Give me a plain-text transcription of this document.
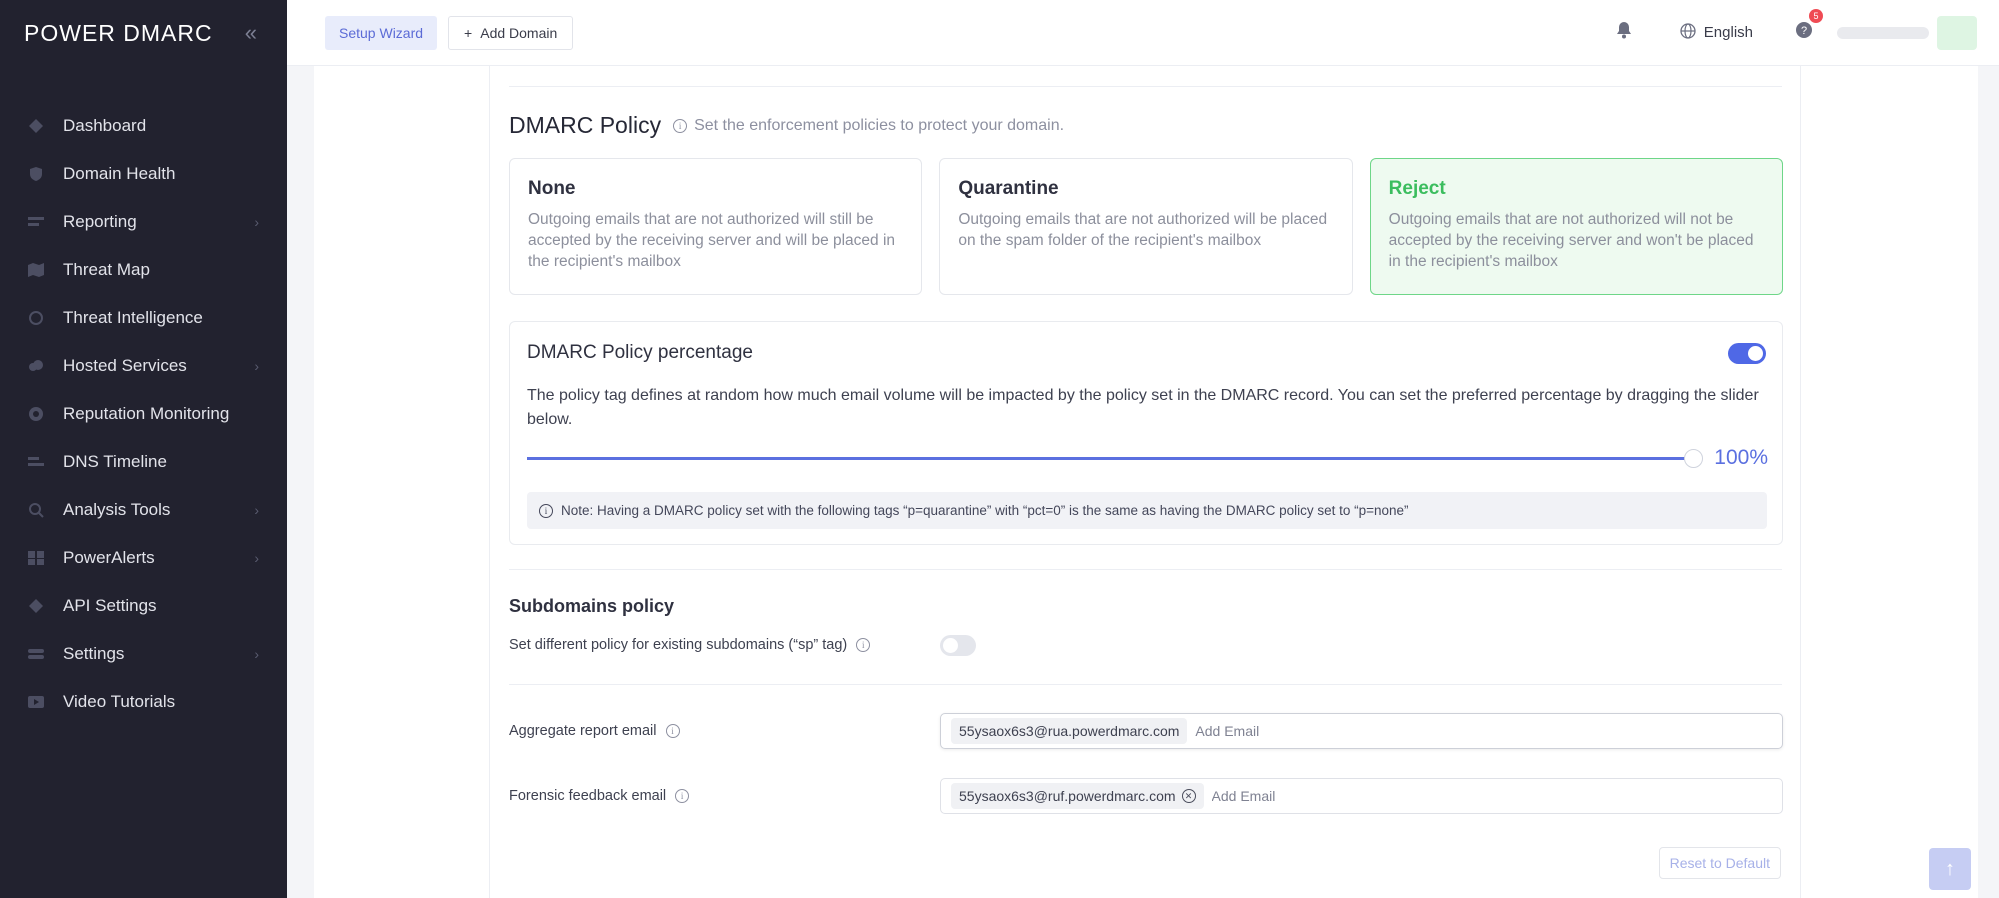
POWER DMARC «
Dashboard
Domain Health
Reporting	›
Threat Map
Threat Intelligence
Hosted Services	›
Reputation Monitoring
DNS Timeline
Analysis Tools	›
PowerAlerts	›
API Settings
Settings	›
Video Tutorials
Setup Wizard	+ Add Domain	English	?
5
DMARC Policy	i Set the enforcement policies to protect your domain.
None

Outgoing emails that are not authorized will still be accepted by the receiving server and will be placed in the recipient's mailbox

Quarantine

Outgoing emails that are not authorized will be placed on the spam folder of the recipient's mailbox

Reject

Outgoing emails that are not authorized will not be accepted by the receiving server and won't be placed in the recipient's mailbox

DMARC Policy percentage
The policy tag defines at random how much email volume will be impacted by the policy set in the DMARC record. You can set the preferred percentage by dragging the slider below.
100%
i	Note: Having a DMARC policy set with the following tags “p=quarantine” with “pct=0” is the same as having the DMARC policy set to “p=none”
Subdomains policy
Set different policy for existing subdomains (“sp” tag)	i
Aggregate report email	i	55ysaox6s3@rua.powerdmarc.com
Add Email
Forensic feedback email	i	55ysaox6s3@ruf.powerdmarc.com	✕
Add Email
Reset to Default	↑
